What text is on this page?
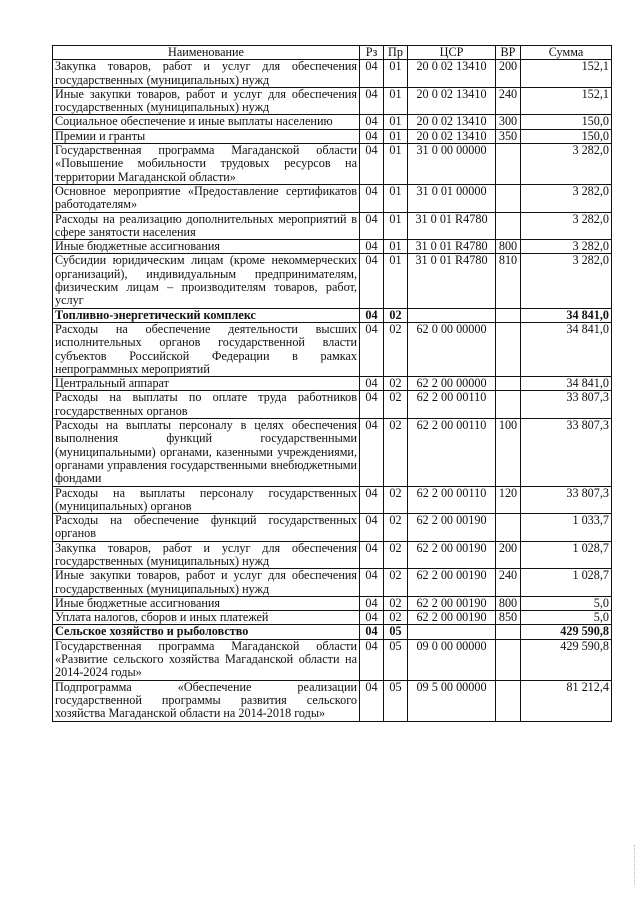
Наименование	Рз	Пр	ЦСР	ВР	Сумма
Закупка товаров, работ и услуг для обеспечения государственных (муниципальных) нужд	04	01	20 0 02 13410	200	152,1
Иные закупки товаров, работ и услуг для обеспечения государственных (муниципальных) нужд	04	01	20 0 02 13410	240	152,1
Социальное обеспечение и иные выплаты населению	04	01	20 0 02 13410	300	150,0
Премии и гранты	04	01	20 0 02 13410	350	150,0
Государственная программа Магаданской области «Повышение мобильности трудовых ресурсов на территории Магаданской области»	04	01	31 0 00 00000		3 282,0
Основное мероприятие «Предоставление сертификатов работодателям»	04	01	31 0 01 00000		3 282,0
Расходы на реализацию дополнительных мероприятий в сфере занятости населения	04	01	31 0 01 R4780		3 282,0
Иные бюджетные ассигнования	04	01	31 0 01 R4780	800	3 282,0
Субсидии юридическим лицам (кроме некоммерческих организаций), индивидуальным предпринимателям, физическим лицам – производителям товаров, работ, услуг	04	01	31 0 01 R4780	810	3 282,0
Топливно-энергетический комплекс	04	02			34 841,0
Расходы на обеспечение деятельности высших исполнительных органов государственной власти субъектов Российской Федерации в рамках непрограммных мероприятий	04	02	62 0 00 00000		34 841,0
Центральный аппарат	04	02	62 2 00 00000		34 841,0
Расходы на выплаты по оплате труда работников государственных органов	04	02	62 2 00 00110		33 807,3
Расходы на выплаты персоналу в целях обеспечения выполнения функций государственными (муниципальными) органами, казенными учреждениями, органами управления государственными внебюджетными фондами	04	02	62 2 00 00110	100	33 807,3
Расходы на выплаты персоналу государственных (муниципальных) органов	04	02	62 2 00 00110	120	33 807,3
Расходы на обеспечение функций государственных органов	04	02	62 2 00 00190		1 033,7
Закупка товаров, работ и услуг для обеспечения государственных (муниципальных) нужд	04	02	62 2 00 00190	200	1 028,7
Иные закупки товаров, работ и услуг для обеспечения государственных (муниципальных) нужд	04	02	62 2 00 00190	240	1 028,7
Иные бюджетные ассигнования	04	02	62 2 00 00190	800	5,0
Уплата налогов, сборов и иных платежей	04	02	62 2 00 00190	850	5,0
Сельское хозяйство и рыболовство	04	05			429 590,8
Государственная программа Магаданской области «Развитие сельского хозяйства Магаданской области на 2014-2024 годы»	04	05	09 0 00 00000		429 590,8
Подпрограмма «Обеспечение реализации государственной программы развития сельского хозяйства Магаданской области на 2014-2018 годы»	04	05	09 5 00 00000		81 212,4
